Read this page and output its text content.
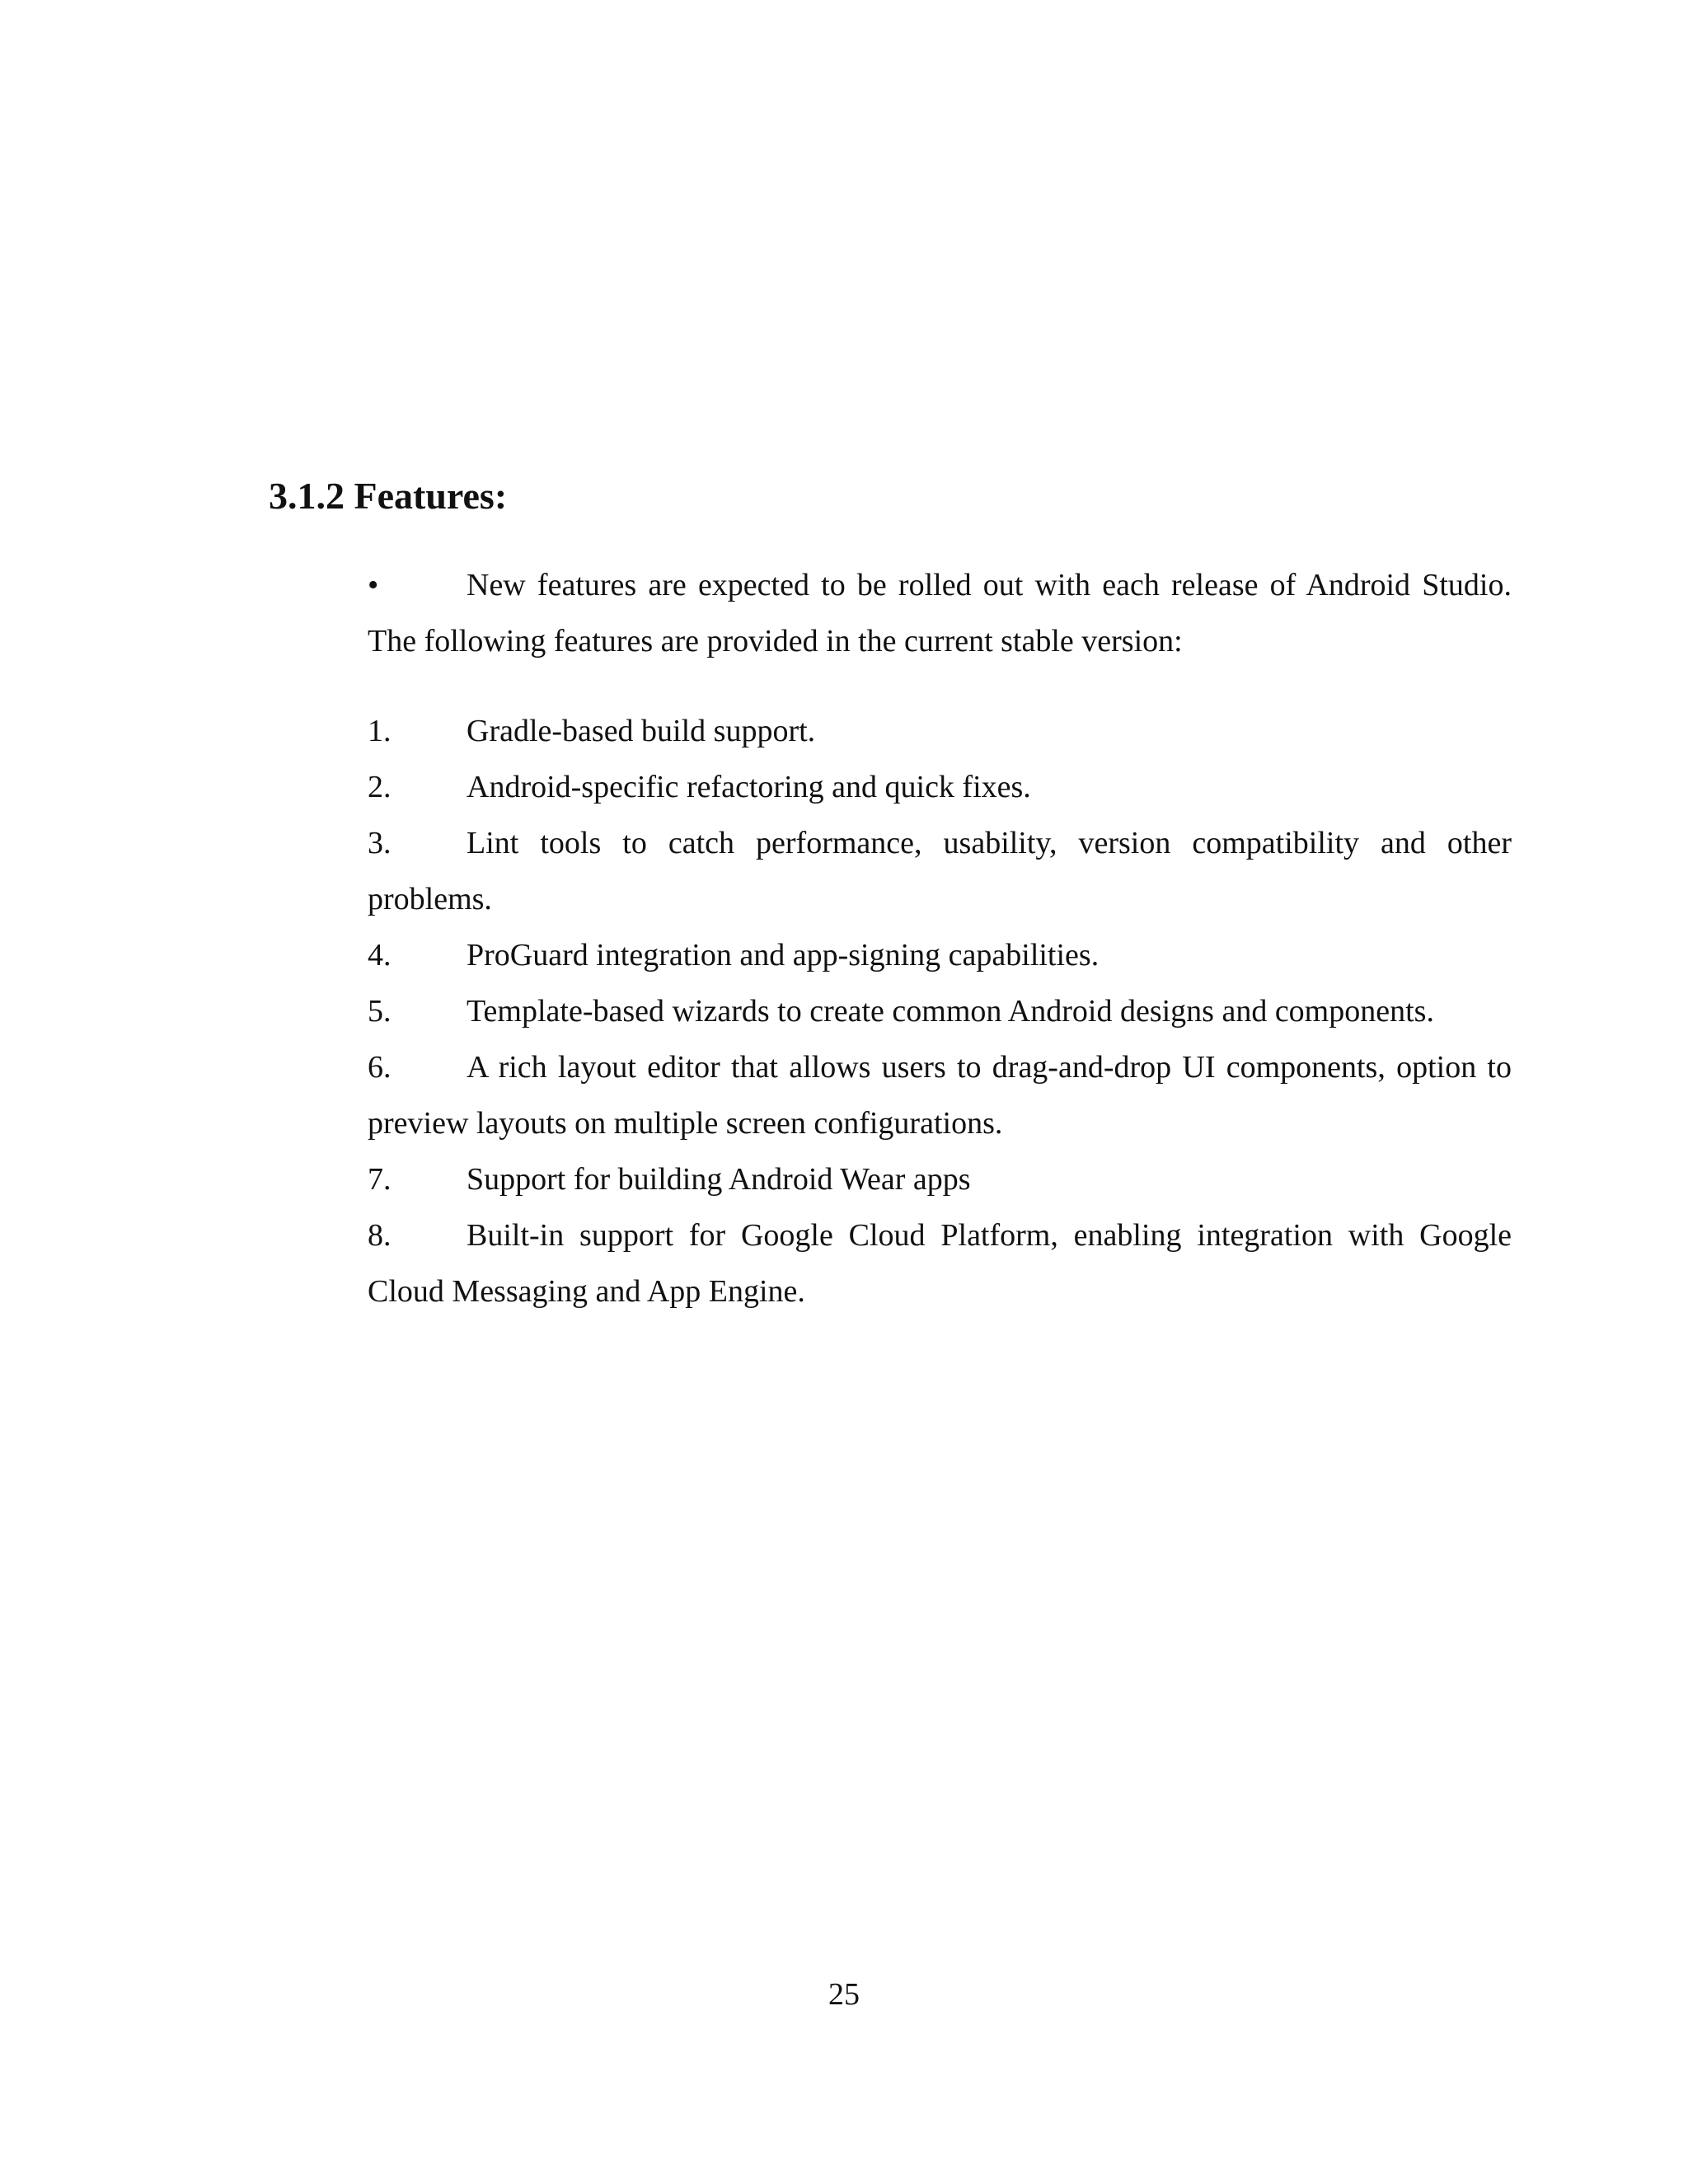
3.1.2 Features:
•	New features are expected to be rolled out with each release of Android Studio.
The following features are provided in the current stable version:
1.	Gradle-based build support.
2.	Android-specific refactoring and quick fixes.
3.	Lint tools to catch performance, usability, version compatibility and other problems.
4.	ProGuard integration and app-signing capabilities.
5.	Template-based wizards to create common Android designs and components.
6.	A rich layout editor that allows users to drag-and-drop UI components, option to preview layouts on multiple screen configurations.
7.	Support for building Android Wear apps
8.	Built-in support for Google Cloud Platform, enabling integration with Google Cloud Messaging and App Engine.
25
